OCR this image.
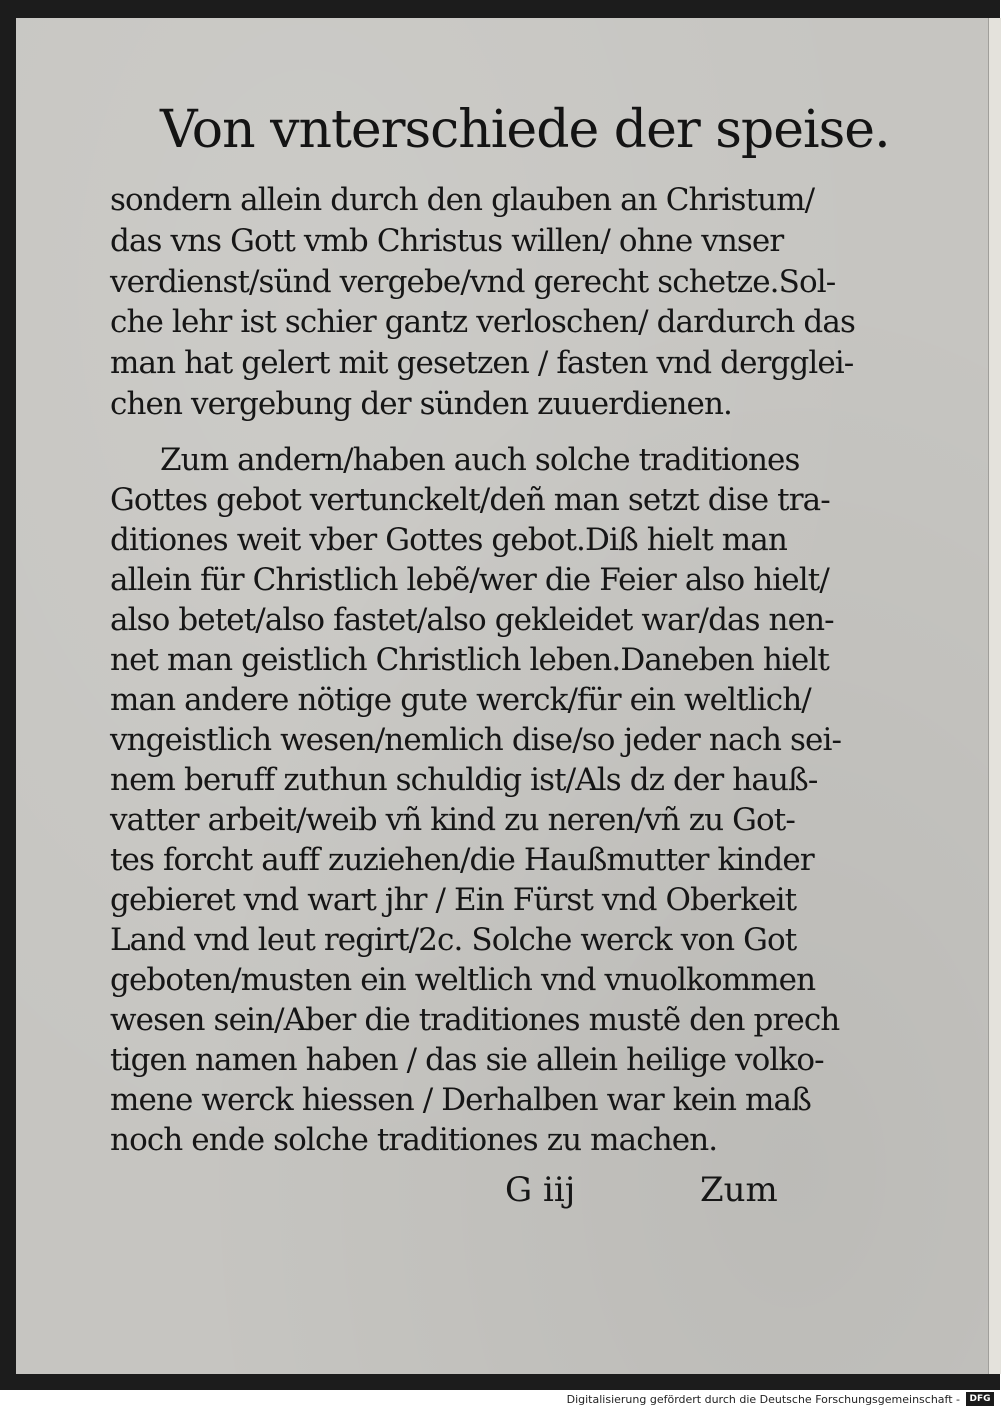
Von vnterschiede der speise.
sondern allein durch den glauben an Christum/
das vns Gott vmb Christus willen/ ohne vnser
verdienst/sünd vergebe/vnd gerecht schetze.Sol-
che lehr ist schier gantz verloschen/ dardurch das
man hat gelert mit gesetzen / fasten vnd dergglei-
chen vergebung der sünden zuuerdienen.
Zum andern/haben auch solche traditiones
Gottes gebot vertunckelt/deñ man setzt dise tra-
ditiones weit vber Gottes gebot.Diß hielt man
allein für Christlich lebẽ/wer die Feier also hielt/
also betet/also fastet/also gekleidet war/das nen-
net man geistlich Christlich leben.Daneben hielt
man andere nötige gute werck/für ein weltlich/
vngeistlich wesen/nemlich dise/so jeder nach sei-
nem beruff zuthun schuldig ist/Als dz der hauß-
vatter arbeit/weib vñ kind zu neren/vñ zu Got-
tes forcht auff zuziehen/die Haußmutter kinder
gebieret vnd wart jhr / Ein Fürst vnd Oberkeit
Land vnd leut regirt/2c. Solche werck von Got
geboten/musten ein weltlich vnd vnuolkommen
wesen sein/Aber die traditiones mustẽ den prech
tigen namen haben / das sie allein heilige volko-
mene werck hiessen / Derhalben war kein maß
noch ende solche traditiones zu machen.
G iij	Zum
Digitalisierung gefördert durch die Deutsche Forschungsgemeinschaft -	DFG
